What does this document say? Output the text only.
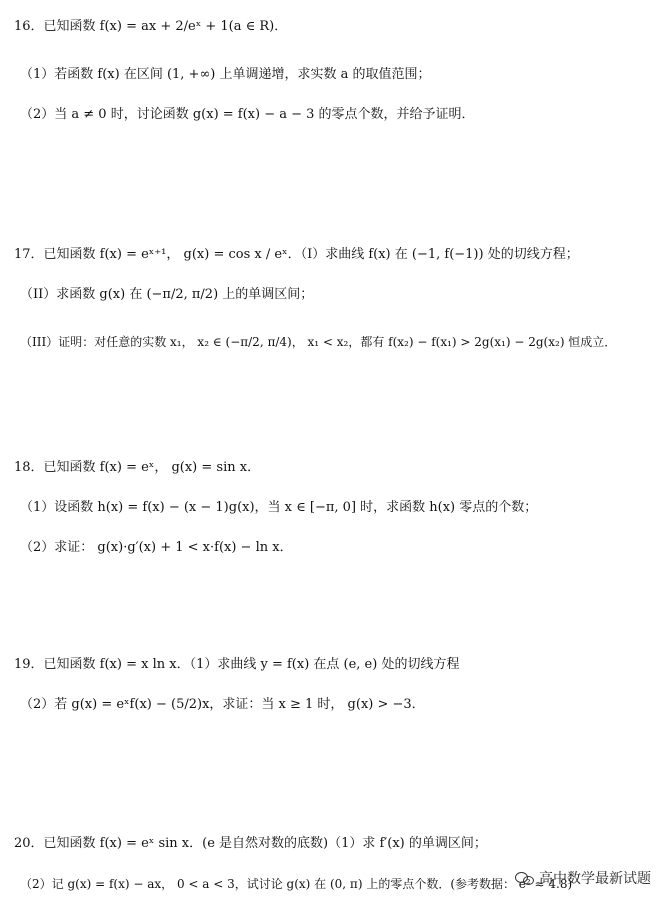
16．已知函数 f(x) = ax + 2/eˣ + 1(a ∈ R)．
（1）若函数 f(x) 在区间 (1, +∞) 上单调递增，求实数 a 的取值范围；
（2）当 a ≠ 0 时，讨论函数 g(x) = f(x) − a − 3 的零点个数，并给予证明．
17．已知函数 f(x) = eˣ⁺¹， g(x) = cos x / eˣ．（I）求曲线 f(x) 在 (−1, f(−1)) 处的切线方程；
（II）求函数 g(x) 在 (−π/2, π/2) 上的单调区间；
（III）证明：对任意的实数 x₁， x₂ ∈ (−π/2, π/4)， x₁ < x₂，都有 f(x₂) − f(x₁) > 2g(x₁) − 2g(x₂) 恒成立．
18．已知函数 f(x) = eˣ， g(x) = sin x．
（1）设函数 h(x) = f(x) − (x − 1)g(x)，当 x ∈ [−π, 0] 时，求函数 h(x) 零点的个数；
（2）求证： g(x)·g′(x) + 1 < x·f(x) − ln x．
19．已知函数 f(x) = x ln x．（1）求曲线 y = f(x) 在点 (e, e) 处的切线方程
（2）若 g(x) = eˣf(x) − (5/2)x，求证：当 x ≥ 1 时， g(x) > −3．
20．已知函数 f(x) = eˣ sin x．(e 是自然对数的底数)（1）求 f′(x) 的单调区间；
（2）记 g(x) = f(x) − ax， 0 < a < 3，试讨论 g(x) 在 (0, π) 上的零点个数．(参考数据： e² ≈ 4.8)
高中数学最新试题
